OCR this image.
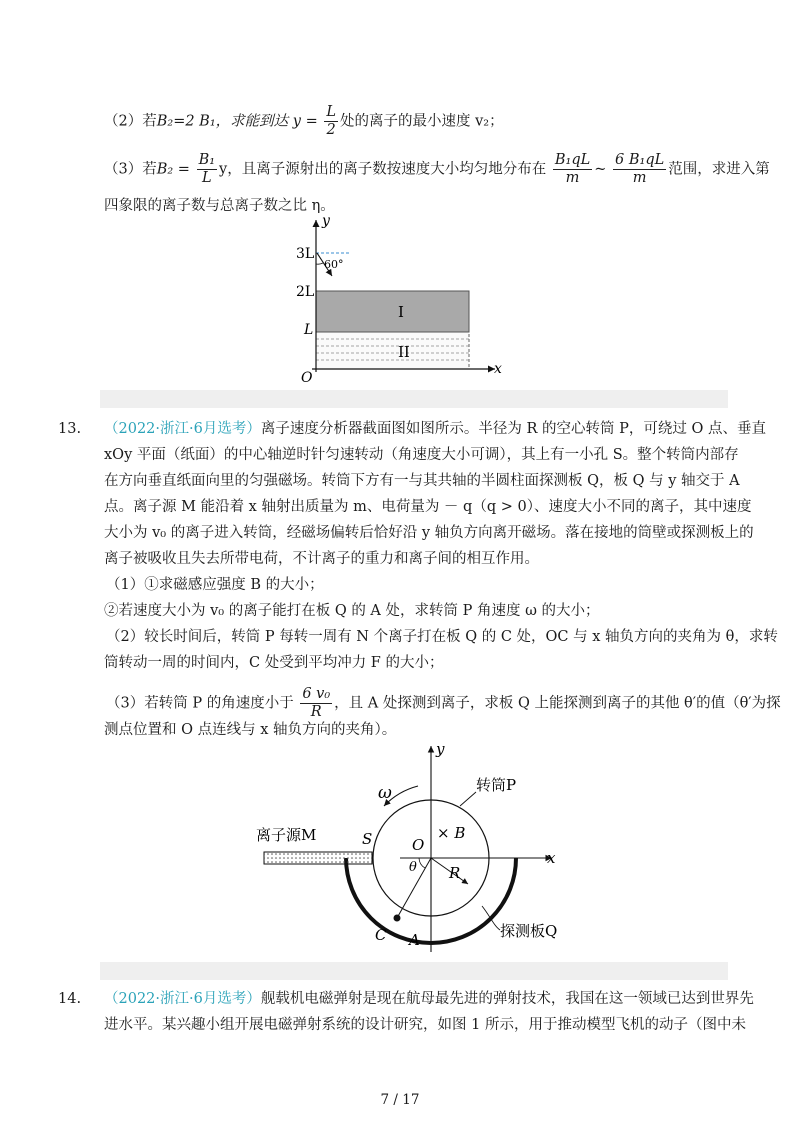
（2）若B₂=2 B₁，求能到达 $y = \frac{L}{2}$ 处的离子的最小速度 v₂；
（3）若$B_2 = \frac{\text{B₁}}{L}$ y，且离子源射出的离子数按速度大小均匀地分布在 $\frac{\text{B₁qL}}{m}$ ~ $\frac{\text{6 B₁qL}}{m}$ 范围，求进入第
四象限的离子数与总离子数之比 η。
y
x
O
3L
2L
L
60°
I
II
13. （2022·浙江·6月选考）离子速度分析器截面图如图所示。半径为 R 的空心转筒 P，可绕过 O 点、垂直
xOy 平面（纸面）的中心轴逆时针匀速转动（角速度大小可调），其上有一小孔 S。整个转筒内部存
在方向垂直纸面向里的匀强磁场。转筒下方有一与其共轴的半圆柱面探测板 Q，板 Q 与 y 轴交于 A
点。离子源 M 能沿着 x 轴射出质量为 m、电荷量为 － q（q > 0）、速度大小不同的离子，其中速度
大小为 v₀ 的离子进入转筒，经磁场偏转后恰好沿 y 轴负方向离开磁场。落在接地的筒壁或探测板上的
离子被吸收且失去所带电荷，不计离子的重力和离子间的相互作用。
（1）①求磁感应强度 B 的大小；
②若速度大小为 v₀ 的离子能打在板 Q 的 A 处，求转筒 P 角速度 ω 的大小；
（2）较长时间后，转筒 P 每转一周有 N 个离子打在板 Q 的 C 处，OC 与 x 轴负方向的夹角为 θ，求转
筒转动一周的时间内，C 处受到平均冲力 F 的大小；
（3）若转筒 P 的角速度小于 $\frac{\text{6 v₀}}{R}$ ，且 A 处探测到离子，求板 Q 上能探测到离子的其他 θ′的值（θ′为探
测点位置和 O 点连线与 x 轴负方向的夹角）。
ω	转筒P
离子源M	S	O
× B
θ R
x
y
C A	探测板Q
14. （2022·浙江·6月选考）舰载机电磁弹射是现在航母最先进的弹射技术，我国在这一领域已达到世界先
进水平。某兴趣小组开展电磁弹射系统的设计研究，如图 1 所示，用于推动模型飞机的动子（图中未
7 / 17
